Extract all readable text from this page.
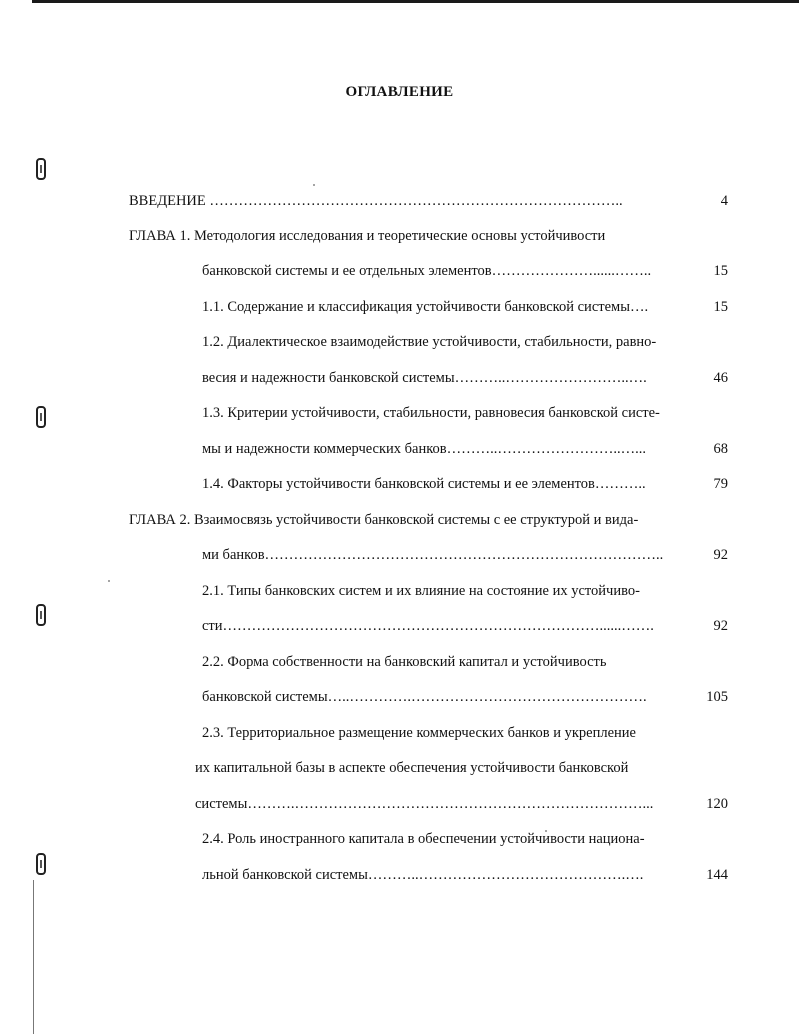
ОГЛАВЛЕНИЕ
ВВЕДЕНИЕ …………………………………………………………………………..	4
ГЛАВА 1. Методология исследования и теоретические основы устойчивости
банковской системы и ее отдельных элементов…………………......……..	15
1.1. Содержание и классификация устойчивости банковской системы….	15
1.2. Диалектическое взаимодействие устойчивости, стабильности, равно-
весия и надежности банковской системы………..……………………..….	46
1.3. Критерии устойчивости, стабильности, равновесия банковской систе-
мы и надежности коммерческих банков………..……………………..…...	68
1.4. Факторы устойчивости банковской системы и ее элементов………..	79
ГЛАВА 2. Взаимосвязь устойчивости банковской системы с ее структурой и вида-
ми банков………………………………………………………………………..	92
2.1. Типы банковских систем и их влияние на состояние их устойчиво-
сти……………………………………………………………………......…….	92
2.2. Форма собственности на банковский капитал и устойчивость
банковской системы…..………….………………………………………….	105
2.3. Территориальное размещение коммерческих банков и укрепление
их капитальной базы в аспекте обеспечения устойчивости банковской
системы……….………………………………………………………………...	120
2.4. Роль иностранного капитала в обеспечении устойчивости национа-
льной банковской системы………..…………………………………….….	144
